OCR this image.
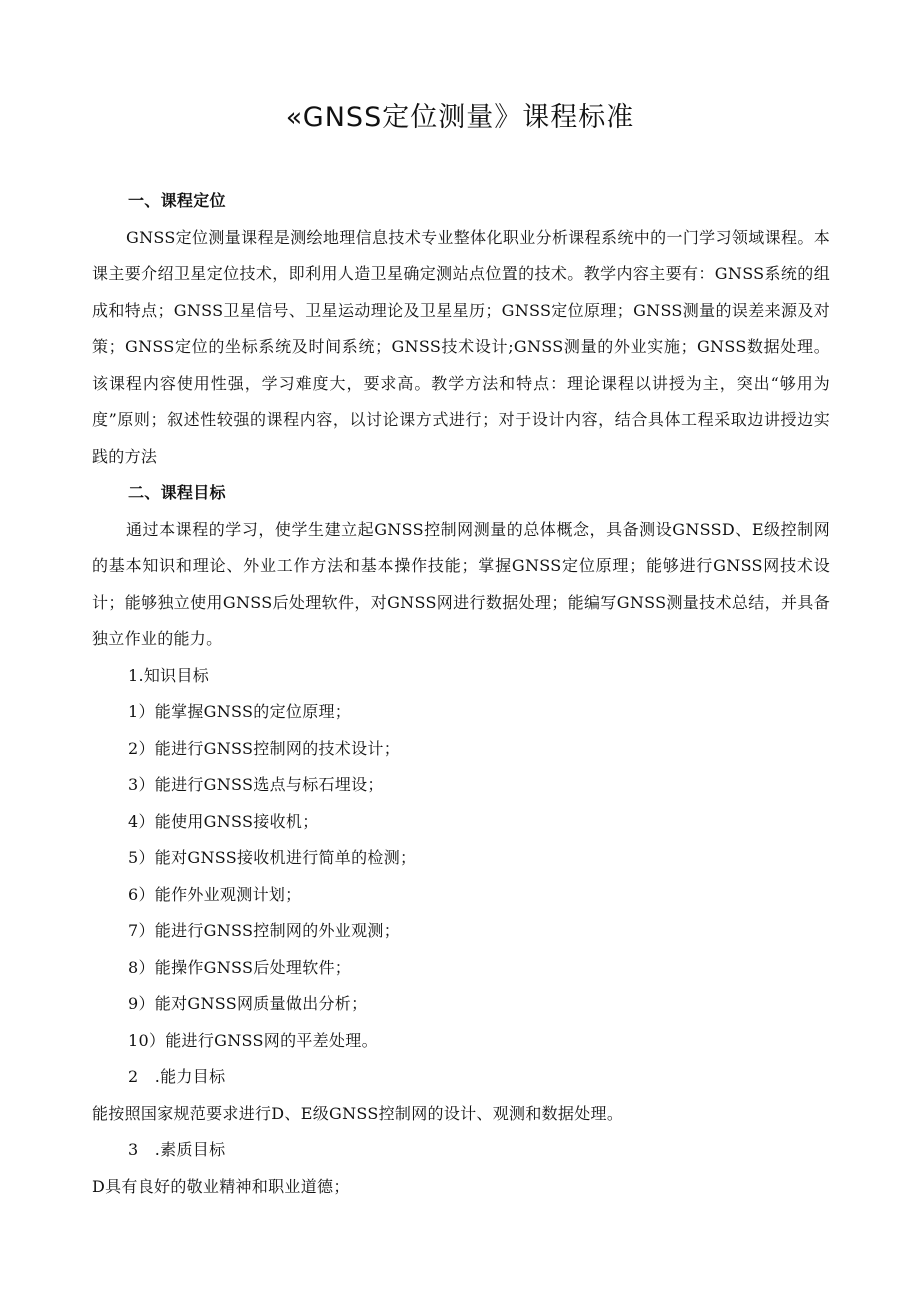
«GNSS定位测量》课程标准

一、课程定位

GNSS定位测量课程是测绘地理信息技术专业整体化职业分析课程系统中的一门学习领域课程。本课主要介绍卫星定位技术，即利用人造卫星确定测站点位置的技术。教学内容主要有：GNSS系统的组成和特点；GNSS卫星信号、卫星运动理论及卫星星历；GNSS定位原理；GNSS测量的误差来源及对策；GNSS定位的坐标系统及时间系统；GNSS技术设计;GNSS测量的外业实施；GNSS数据处理。该课程内容使用性强，学习难度大，要求高。教学方法和特点：理论课程以讲授为主，突出“够用为度”原则；叙述性较强的课程内容，以讨论课方式进行；对于设计内容，结合具体工程采取边讲授边实践的方法

二、课程目标

通过本课程的学习，使学生建立起GNSS控制网测量的总体概念，具备测设GNSSD、E级控制网的基本知识和理论、外业工作方法和基本操作技能；掌握GNSS定位原理；能够进行GNSS网技术设计；能够独立使用GNSS后处理软件，对GNSS网进行数据处理；能编写GNSS测量技术总结，并具备独立作业的能力。

1.知识目标

1）能掌握GNSS的定位原理；
2）能进行GNSS控制网的技术设计；
3）能进行GNSS选点与标石埋设；
4）能使用GNSS接收机；
5）能对GNSS接收机进行简单的检测；
6）能作外业观测计划；
7）能进行GNSS控制网的外业观测；
8）能操作GNSS后处理软件；
9）能对GNSS网质量做出分析；
10）能进行GNSS网的平差处理。

2　.能力目标

能按照国家规范要求进行D、E级GNSS控制网的设计、观测和数据处理。

3　.素质目标

D具有良好的敬业精神和职业道德；
